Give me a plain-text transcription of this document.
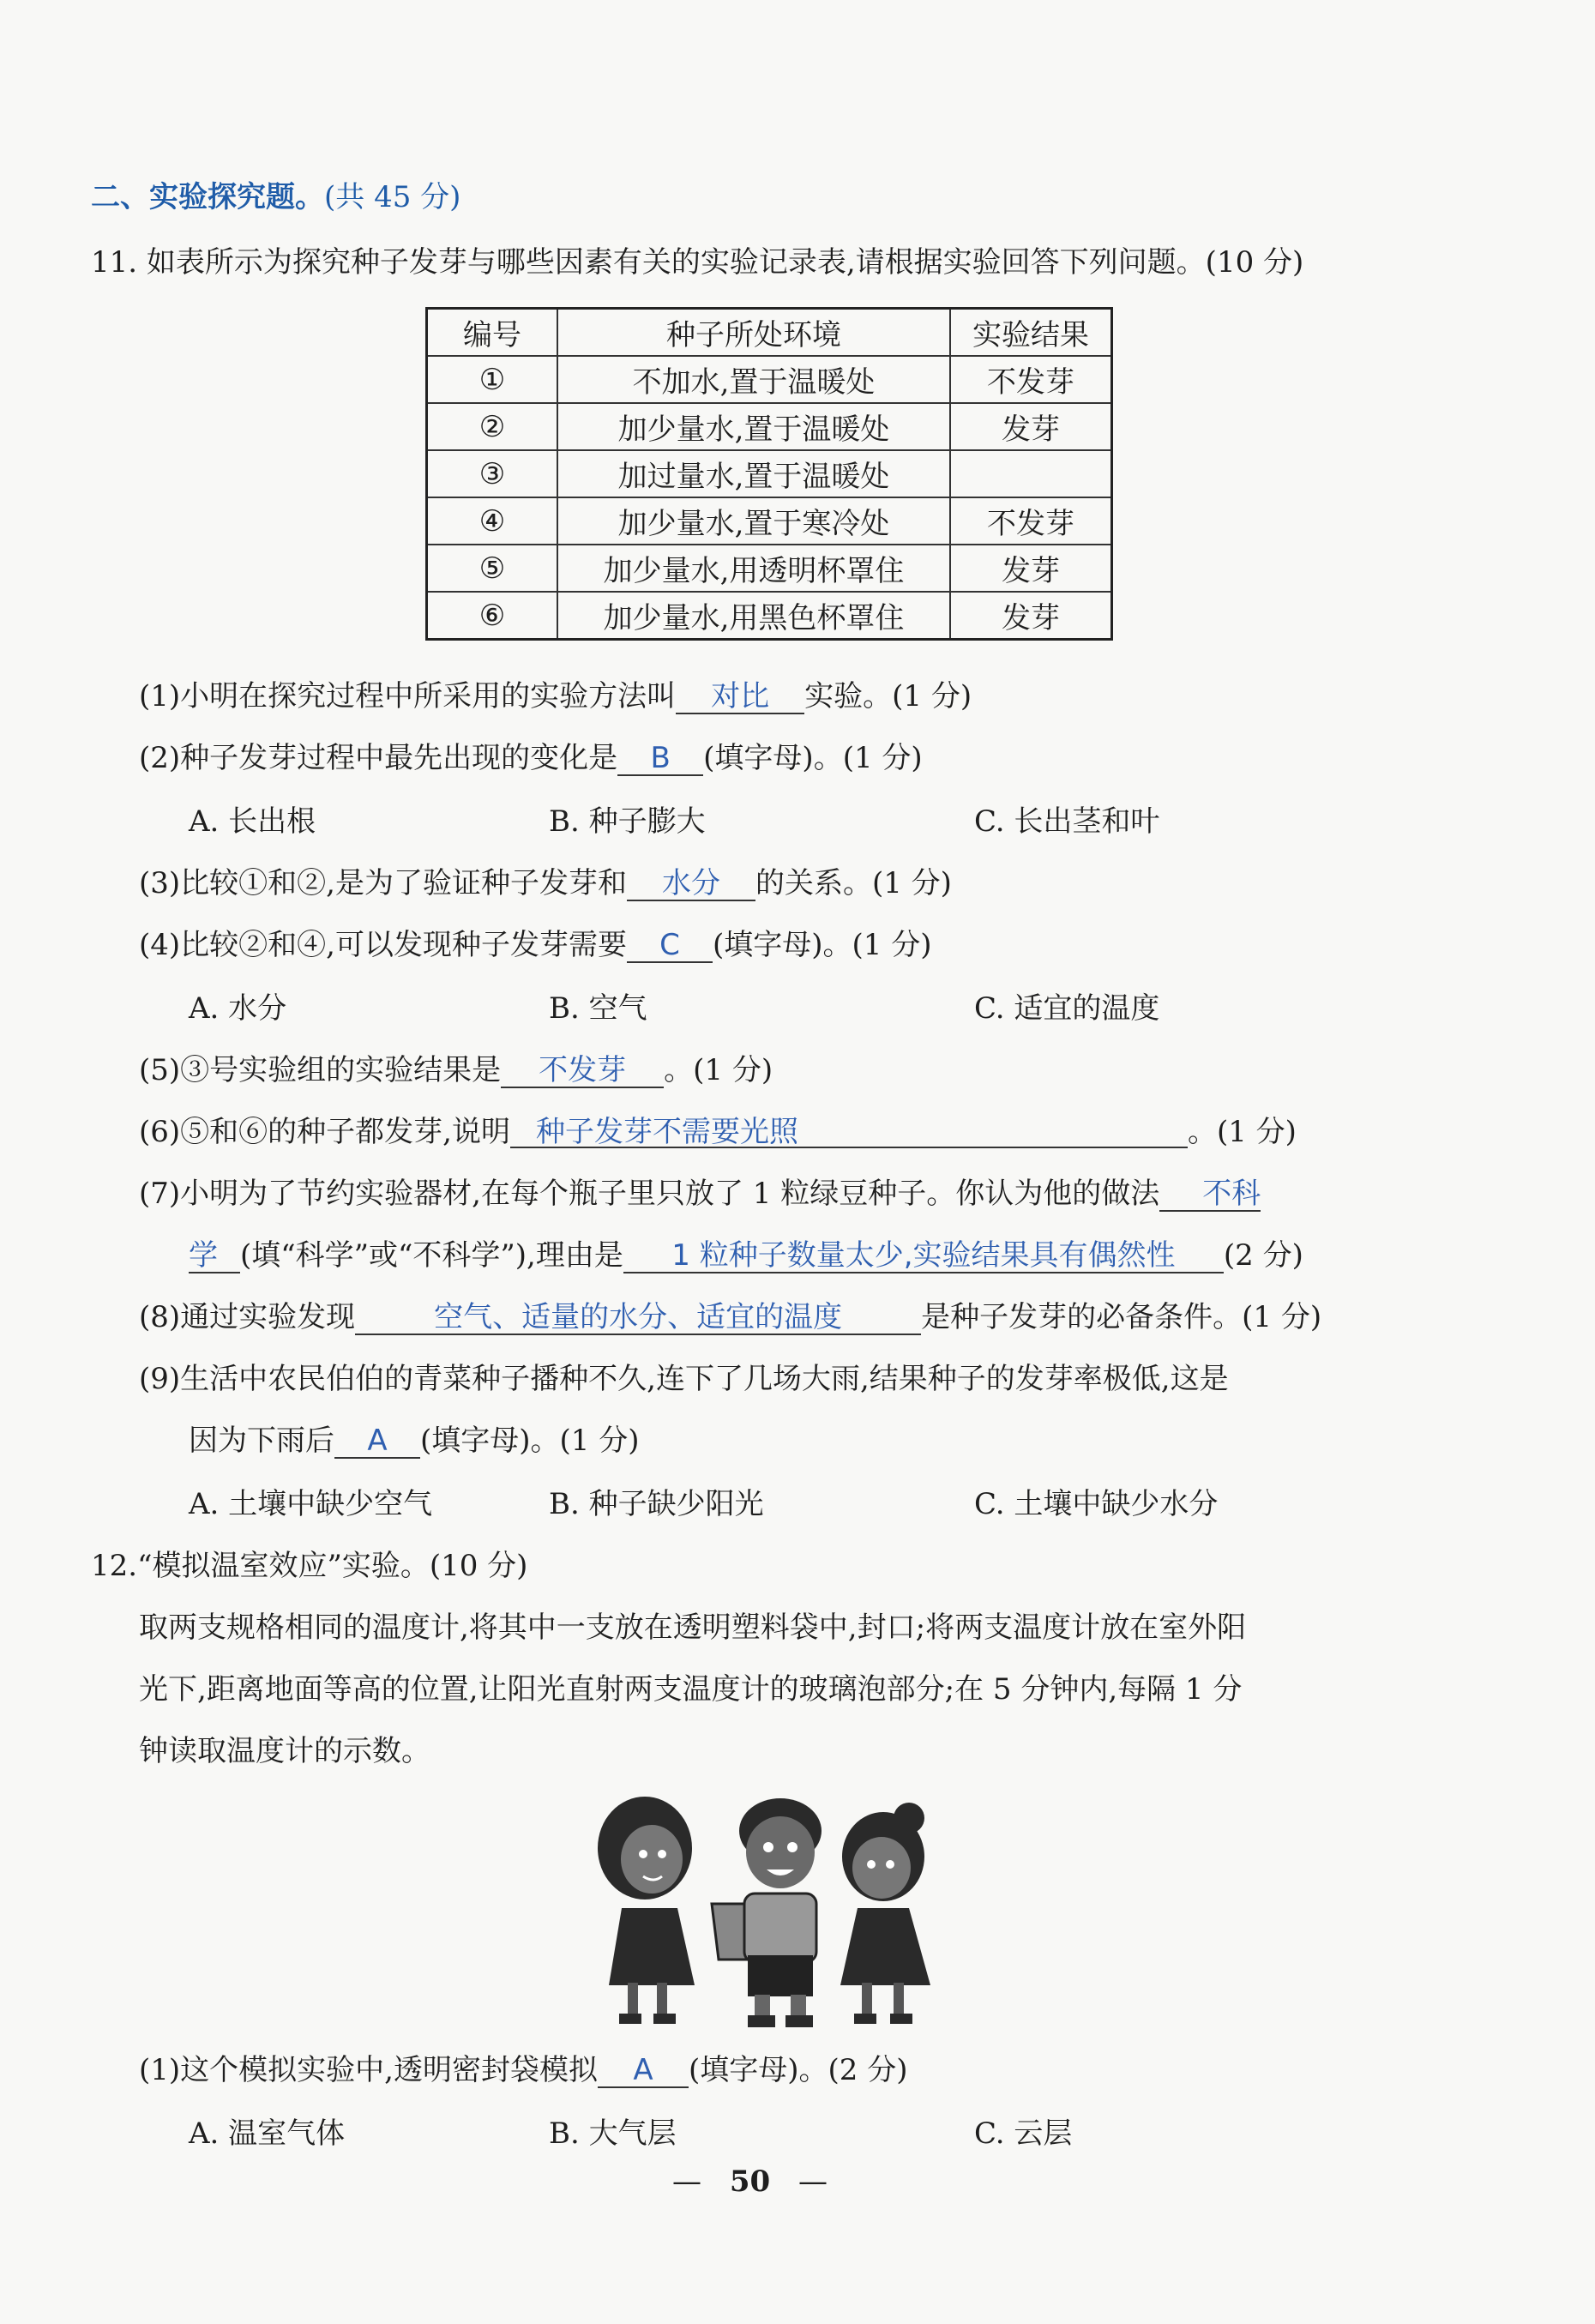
二、实验探究题。(共 45 分)
11. 如表所示为探究种子发芽与哪些因素有关的实验记录表,请根据实验回答下列问题。(10 分)
编号	种子所处环境	实验结果
①	不加水,置于温暖处	不发芽
②	加少量水,置于温暖处	发芽
③	加过量水,置于温暖处	
④	加少量水,置于寒冷处	不发芽
⑤	加少量水,用透明杯罩住	发芽
⑥	加少量水,用黑色杯罩住	发芽
(1)小明在探究过程中所采用的实验方法叫 对比 实验。(1 分)
(2)种子发芽过程中最先出现的变化是 B (填字母)。(1 分)
A. 长出根	B. 种子膨大	C. 长出茎和叶
(3)比较①和②,是为了验证种子发芽和 水分 的关系。(1 分)
(4)比较②和④,可以发现种子发芽需要 C (填字母)。(1 分)
A. 水分	B. 空气	C. 适宜的温度
(5)③号实验组的实验结果是 不发芽 。(1 分)
(6)⑤和⑥的种子都发芽,说明 种子发芽不需要光照	。(1 分)
(7)小明为了节约实验器材,在每个瓶子里只放了 1 粒绿豆种子。你认为他的做法 不科
学 (填“科学”或“不科学”),理由是 1 粒种子数量太少,实验结果具有偶然性 (2 分)
(8)通过实验发现	空气、适量的水分、适宜的温度	是种子发芽的必备条件。(1 分)
(9)生活中农民伯伯的青菜种子播种不久,连下了几场大雨,结果种子的发芽率极低,这是
因为下雨后 A (填字母)。(1 分)
A. 土壤中缺少空气	B. 种子缺少阳光	C. 土壤中缺少水分
12.“模拟温室效应”实验。(10 分)
取两支规格相同的温度计,将其中一支放在透明塑料袋中,封口;将两支温度计放在室外阳
光下,距离地面等高的位置,让阳光直射两支温度计的玻璃泡部分;在 5 分钟内,每隔 1 分
钟读取温度计的示数。
(1)这个模拟实验中,透明密封袋模拟 A (填字母)。(2 分)
A. 温室气体	B. 大气层	C. 云层
— 50 —
